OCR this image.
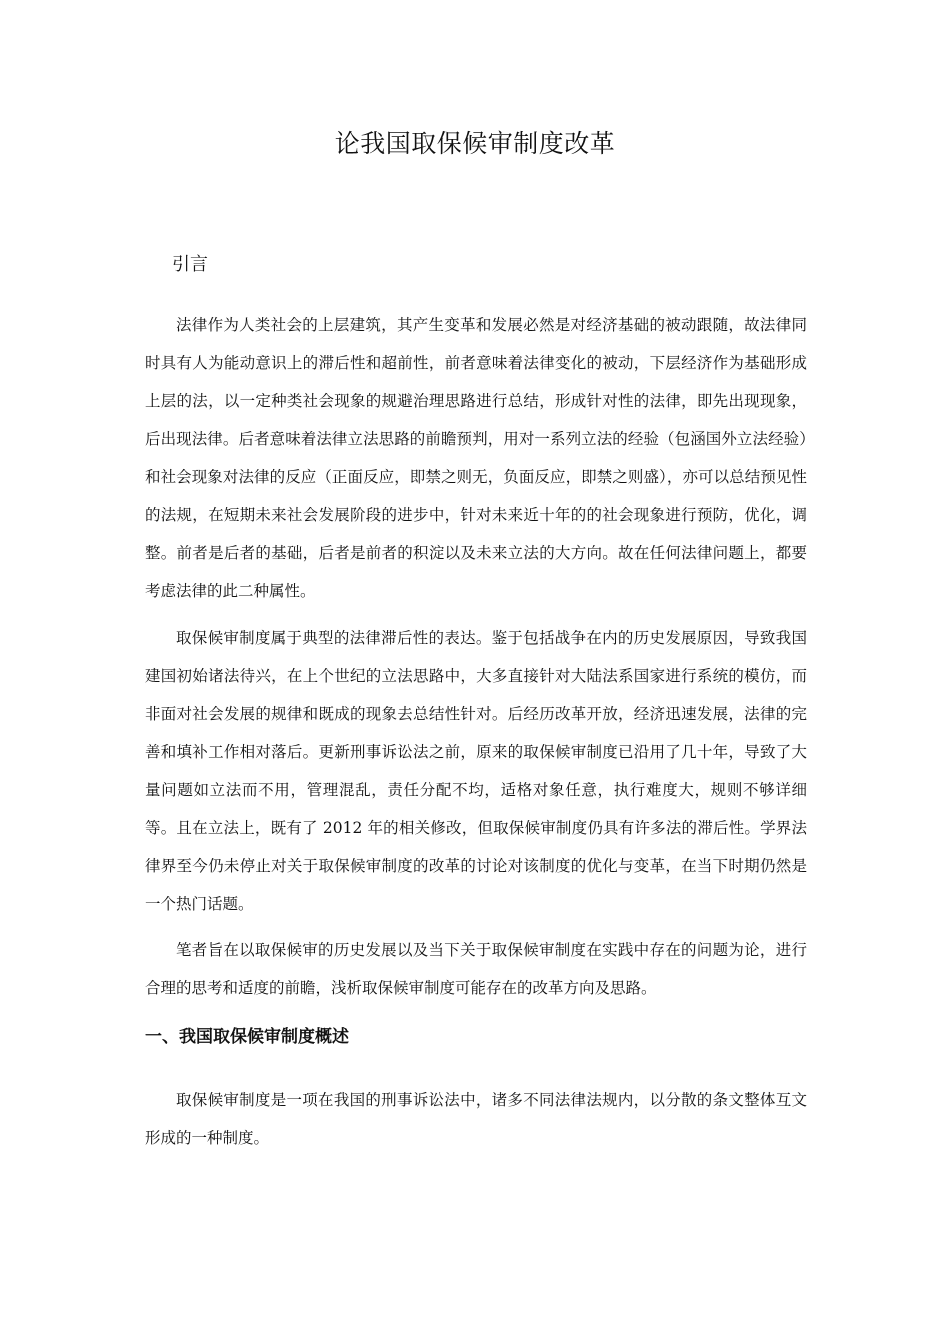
论我国取保候审制度改革
引言

法律作为人类社会的上层建筑，其产生变革和发展必然是对经济基础的被动跟随，故法律同时具有人为能动意识上的滞后性和超前性，前者意味着法律变化的被动，下层经济作为基础形成上层的法，以一定种类社会现象的规避治理思路进行总结，形成针对性的法律，即先出现现象，后出现法律。后者意味着法律立法思路的前瞻预判，用对一系列立法的经验（包涵国外立法经验）和社会现象对法律的反应（正面反应，即禁之则无，负面反应，即禁之则盛），亦可以总结预见性的法规，在短期未来社会发展阶段的进步中，针对未来近十年的的社会现象进行预防，优化，调整。前者是后者的基础，后者是前者的积淀以及未来立法的大方向。故在任何法律问题上，都要考虑法律的此二种属性。

取保候审制度属于典型的法律滞后性的表达。鉴于包括战争在内的历史发展原因，导致我国建国初始诸法待兴，在上个世纪的立法思路中，大多直接针对大陆法系国家进行系统的模仿，而非面对社会发展的规律和既成的现象去总结性针对。后经历改革开放，经济迅速发展，法律的完善和填补工作相对落后。更新刑事诉讼法之前，原来的取保候审制度已沿用了几十年，导致了大量问题如立法而不用，管理混乱，责任分配不均，适格对象任意，执行难度大，规则不够详细等。且在立法上，既有了 2012 年的相关修改，但取保候审制度仍具有许多法的滞后性。学界法律界至今仍未停止对关于取保候审制度的改革的讨论对该制度的优化与变革，在当下时期仍然是一个热门话题。

笔者旨在以取保候审的历史发展以及当下关于取保候审制度在实践中存在的问题为论，进行合理的思考和适度的前瞻，浅析取保候审制度可能存在的改革方向及思路。

一、我国取保候审制度概述

取保候审制度是一项在我国的刑事诉讼法中，诸多不同法律法规内，以分散的条文整体互文形成的一种制度。
